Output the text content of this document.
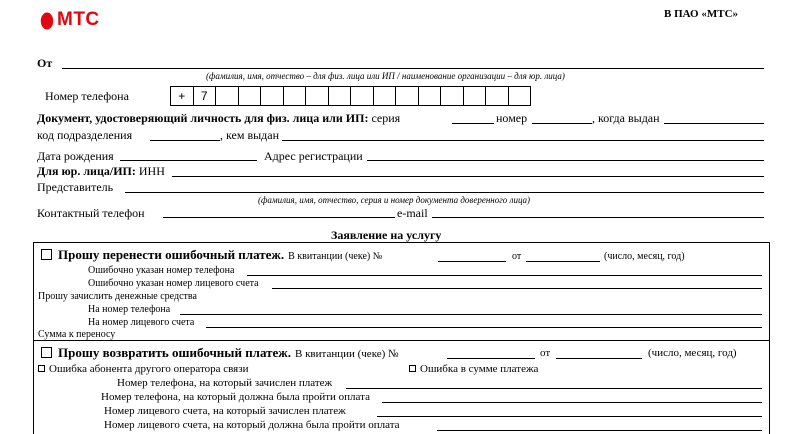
МТС	В ПАО «МТС»
От
(фамилия, имя, отчество – для физ. лица или ИП / наименование организации – для юр. лица)
Номер телефона	+	7
Документ, удостоверяющий личность для физ. лица или ИП: серия	номер	, когда выдан
код подразделения	, кем выдан
Дата рождения	Адрес регистрации
Для юр. лица/ИП: ИНН
Представитель
(фамилия, имя, отчество, серия и номер документа доверенного лица)
Контактный телефон	e-mail
Заявление на услугу
Прошу перенести ошибочный платеж. В квитанции (чеке) №	от	(число, месяц, год)
Ошибочно указан номер телефона
Ошибочно указан номер лицевого счета
Прошу зачислить денежные средства
На номер телефона
На номер лицевого счета
Сумма к переносу
Прошу возвратить ошибочный платеж. В квитанции (чеке) №	от	(число, месяц, год)
Ошибка абонента другого оператора связи	Ошибка в сумме платежа
Номер телефона, на который зачислен платеж
Номер телефона, на который должна была пройти оплата
Номер лицевого счета, на который зачислен платеж
Номер лицевого счета, на который должна была пройти оплата
